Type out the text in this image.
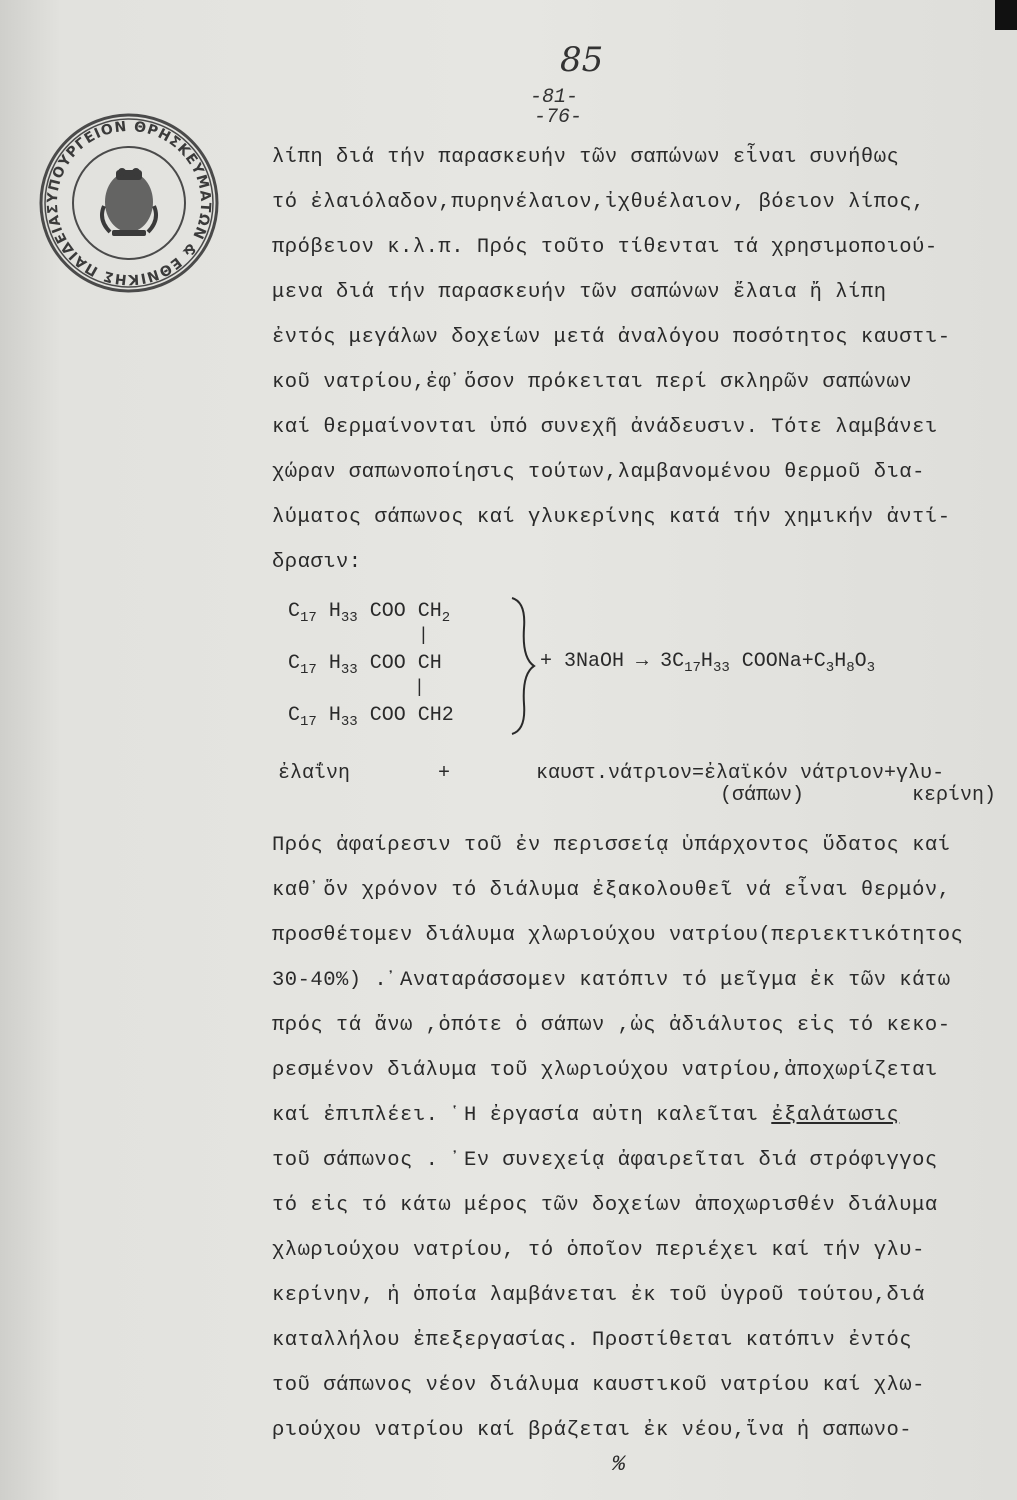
85
-81-
-76-
ΥΠΟΥΡΓΕΙΟΝ ΘΡΗΣΚΕΥΜΑΤΩΝ & ΕΘΝΙΚΗΣ ΠΑΙΔΕΙΑΣ
λίπη διά τήν παρασκευήν τῶν σαπώνων εἶναι συνήθως
τό ἐλαιόλαδον,πυρηνέλαιον,ἰχθυέλαιον, βόειον λίπος,
πρόβειον κ.λ.π. Πρός τοῦτο τίθενται τά χρησιμοποιού-
μενα διά τήν παρασκευήν τῶν σαπώνων ἔλαια ἤ λίπη
ἐντός μεγάλων δοχείων μετά ἀναλόγου ποσότητος καυστι-
κοῦ νατρίου,ἐφ᾽ὅσον πρόκειται περί σκληρῶν σαπώνων
καί θερμαίνονται ὑπό συνεχῆ ἀνάδευσιν. Τότε λαμβάνει
χώραν σαπωνοποίησις τούτων,λαμβανομένου θερμοῦ δια-
λύματος σάπωνος καί γλυκερίνης κατά τήν χημικήν ἀντί-
δρασιν:
$C_{17}$ $H_{33}$ COO $CH_2$
|
$C_{17}$ $H_{33}$ COO CH
|
$C_{17}$ $H_{33}$ COO CH2
+ 3NaOH → $3C_{17}H_{33}$ $COONa+C_3H_8O_3$
ἐλαΐνη	+	καυστ.νάτριον=ἐλαϊκόν νάτριον+γλυ-
(σάπων)	κερίνη)
Πρός ἀφαίρεσιν τοῦ ἐν περισσείᾳ ὑπάρχοντος ὕδατος καί
καθ᾽ὅν χρόνον τό διάλυμα ἐξακολουθεῖ νά εἶναι θερμόν,
προσθέτομεν διάλυμα χλωριούχου νατρίου(περιεκτικότητος
30-40%) .᾽Αναταράσσομεν κατόπιν τό μεῖγμα ἐκ τῶν κάτω
πρός τά ἄνω ,ὁπότε ὁ σάπων ,ὡς ἀδιάλυτος εἰς τό κεκο-
ρεσμένον διάλυμα τοῦ χλωριούχου νατρίου,ἀποχωρίζεται
καί ἐπιπλέει. ῾Η ἐργασία αὐτη καλεῖται ἐξαλάτωσις
τοῦ σάπωνος . ᾽Εν συνεχείᾳ ἀφαιρεῖται διά στρόφιγγος
τό εἰς τό κάτω μέρος τῶν δοχείων ἀποχωρισθέν διάλυμα
χλωριούχου νατρίου, τό ὁποῖον περιέχει καί τήν γλυ-
κερίνην, ἡ ὁποία λαμβάνεται ἐκ τοῦ ὑγροῦ τούτου,διά
καταλλήλου ἐπεξεργασίας. Προστίθεται κατόπιν ἐντός
τοῦ σάπωνος νέον διάλυμα καυστικοῦ νατρίου καί χλω-
ριούχου νατρίου καί βράζεται ἐκ νέου,ἵνα ἡ σαπωνο-
%
